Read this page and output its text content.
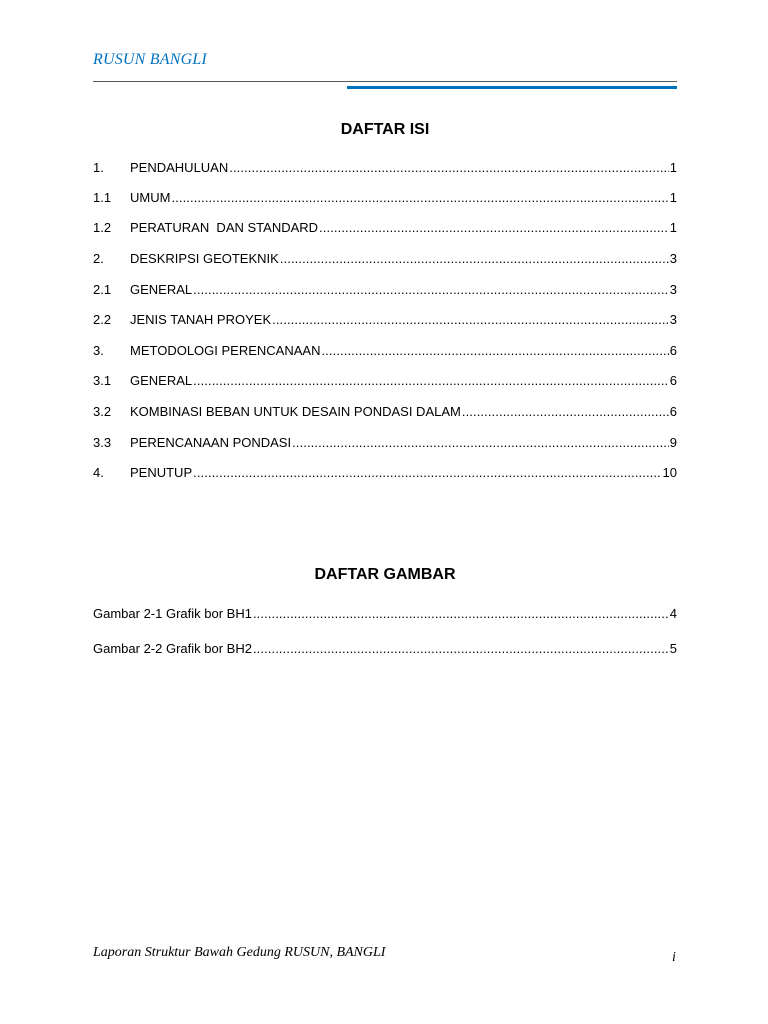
RUSUN BANGLI
DAFTAR ISI
1.	PENDAHULUAN .....	1
1.1	UMUM .....	1
1.2	PERATURAN  DAN STANDARD .....	1
2.	DESKRIPSI GEOTEKNIK .....	3
2.1	GENERAL .....	3
2.2	JENIS TANAH PROYEK .....	3
3.	METODOLOGI PERENCANAAN .....	6
3.1	GENERAL .....	6
3.2	KOMBINASI BEBAN UNTUK DESAIN PONDASI DALAM .....	6
3.3	PERENCANAAN PONDASI .....	9
4.	PENUTUP .....	10
DAFTAR GAMBAR
Gambar 2-1 Grafik bor BH1 .....	4
Gambar 2-2 Grafik bor BH2 .....	5
Laporan Struktur Bawah Gedung RUSUN, BANGLI	i
